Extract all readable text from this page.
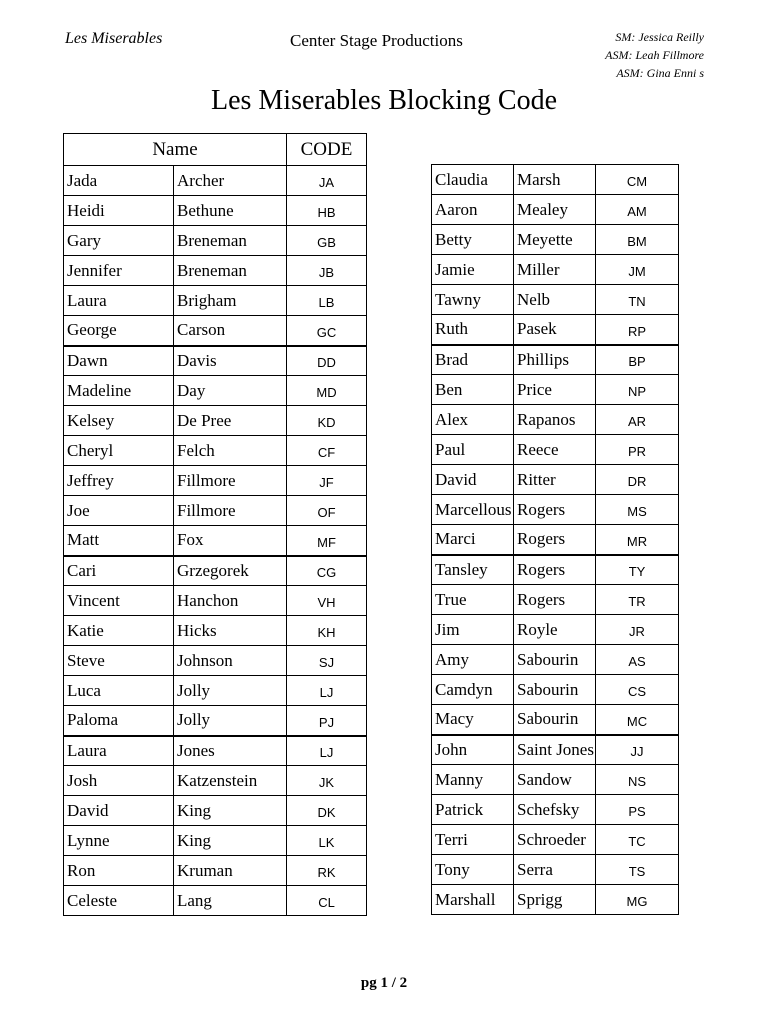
Les Miserables	Center Stage Productions	SM: Jessica Reilly
ASM: Leah Fillmore
ASM: Gina Enni s
Les Miserables Blocking Code
Name		CODE
Jada	Archer	JA
Heidi	Bethune	HB
Gary	Breneman	GB
Jennifer	Breneman	JB
Laura	Brigham	LB
George	Carson	GC
Dawn	Davis	DD
Madeline	Day	MD
Kelsey	De Pree	KD
Cheryl	Felch	CF
Jeffrey	Fillmore	JF
Joe	Fillmore	OF
Matt	Fox	MF
Cari	Grzegorek	CG
Vincent	Hanchon	VH
Katie	Hicks	KH
Steve	Johnson	SJ
Luca	Jolly	LJ
Paloma	Jolly	PJ
Laura	Jones	LJ
Josh	Katzenstein	JK
David	King	DK
Lynne	King	LK
Ron	Kruman	RK
Celeste	Lang	CL
Claudia	Marsh	CM
Aaron	Mealey	AM
Betty	Meyette	BM
Jamie	Miller	JM
Tawny	Nelb	TN
Ruth	Pasek	RP
Brad	Phillips	BP
Ben	Price	NP
Alex	Rapanos	AR
Paul	Reece	PR
David	Ritter	DR
Marcellous	Rogers	MS
Marci	Rogers	MR
Tansley	Rogers	TY
True	Rogers	TR
Jim	Royle	JR
Amy	Sabourin	AS
Camdyn	Sabourin	CS
Macy	Sabourin	MC
John	Saint Jones	JJ
Manny	Sandow	NS
Patrick	Schefsky	PS
Terri	Schroeder	TC
Tony	Serra	TS
Marshall	Sprigg	MG
pg 1 / 2
